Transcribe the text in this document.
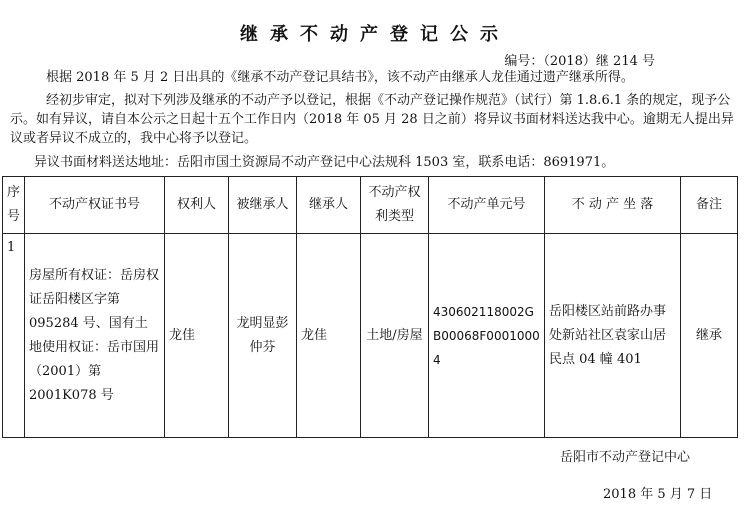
继承不动产登记公示
编号：（2018）继 214 号
根据 2018 年 5 月 2 日出具的《继承不动产登记具结书》，该不动产由继承人龙佳通过遗产继承所得。
经初步审定，拟对下列涉及继承的不动产予以登记，根据《不动产登记操作规范》（试行）第 1.8.6.1 条的规定，现予公示。如有异议，请自本公示之日起十五个工作日内（2018 年 05 月 28 日之前）将异议书面材料送达我中心。逾期无人提出异议或者异议不成立的，我中心将予以登记。
异议书面材料送达地址：岳阳市国土资源局不动产登记中心法规科 1503 室，联系电话：8691971。
序号	不动产权证书号	权利人	被继承人	继承人	不动产权利类型	不动产单元号	不 动 产 坐 落	备注
1	房屋所有权证：岳房权证岳阳楼区字第 095284 号、国有土地使用权证：岳市国用（2001）第 2001K078 号	龙佳	龙明显彭仲芬	龙佳	土地/房屋	430602118002GB00068F00010004	岳阳楼区站前路办事处新站社区袁家山居民点 04 幢 401	继承
岳阳市不动产登记中心
2018 年 5 月 7 日
